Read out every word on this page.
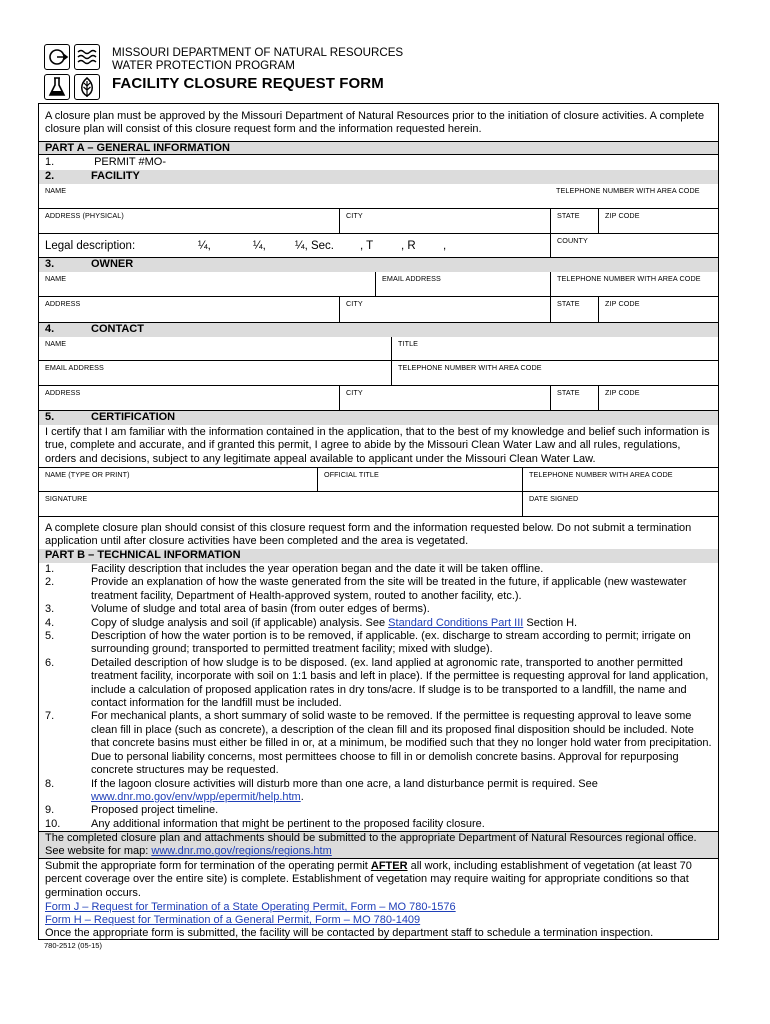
MISSOURI DEPARTMENT OF NATURAL RESOURCES
WATER PROTECTION PROGRAM
FACILITY CLOSURE REQUEST FORM
A closure plan must be approved by the Missouri Department of Natural Resources prior to the initiation of closure activities. A complete closure plan will consist of this closure request form and the information requested herein.
PART A – GENERAL INFORMATION
1.	PERMIT #MO-
2.	FACILITY
NAME	TELEPHONE NUMBER WITH AREA CODE
ADDRESS (PHYSICAL)	CITY	STATE	ZIP CODE
Legal description:	¼,	¼,	¼, Sec. , T , R ,	COUNTY
3.	OWNER
NAME	EMAIL ADDRESS	TELEPHONE NUMBER WITH AREA CODE
ADDRESS	CITY	STATE	ZIP CODE
4.	CONTACT
NAME	TITLE
EMAIL ADDRESS	TELEPHONE NUMBER WITH AREA CODE
ADDRESS	CITY	STATE	ZIP CODE
5.	CERTIFICATION
I certify that I am familiar with the information contained in the application, that to the best of my knowledge and belief such information is true, complete and accurate, and if granted this permit, I agree to abide by the Missouri Clean Water Law and all rules, regulations, orders and decisions, subject to any legitimate appeal available to applicant under the Missouri Clean Water Law.
NAME (TYPE OR PRINT)	OFFICIAL TITLE	TELEPHONE NUMBER WITH AREA CODE
SIGNATURE	DATE SIGNED
A complete closure plan should consist of this closure request form and the information requested below. Do not submit a termination application until after closure activities have been completed and the area is vegetated.
PART B – TECHNICAL INFORMATION
1.	Facility description that includes the year operation began and the date it will be taken offline.
2.	Provide an explanation of how the waste generated from the site will be treated in the future, if applicable (new wastewater treatment facility, Department of Health-approved system, routed to another facility, etc.).
3.	Volume of sludge and total area of basin (from outer edges of berms).
4.	Copy of sludge analysis and soil (if applicable) analysis. See Standard Conditions Part III Section H.
5.	Description of how the water portion is to be removed, if applicable. (ex. discharge to stream according to permit; irrigate on surrounding ground; transported to permitted treatment facility; mixed with sludge).
6.	Detailed description of how sludge is to be disposed. (ex. land applied at agronomic rate, transported to another permitted treatment facility, incorporate with soil on 1:1 basis and left in place). If the permittee is requesting approval for land application, include a calculation of proposed application rates in dry tons/acre. If sludge is to be transported to a landfill, the name and contact information for the landfill must be included.
7.	For mechanical plants, a short summary of solid waste to be removed. If the permittee is requesting approval to leave some clean fill in place (such as concrete), a description of the clean fill and its proposed final disposition should be included. Note that concrete basins must either be filled in or, at a minimum, be modified such that they no longer hold water from precipitation. Due to personal liability concerns, most permittees choose to fill in or demolish concrete basins. Approval for repurposing concrete structures may be requested.
8.	If the lagoon closure activities will disturb more than one acre, a land disturbance permit is required. See www.dnr.mo.gov/env/wpp/epermit/help.htm.
9.	Proposed project timeline.
10.	Any additional information that might be pertinent to the proposed facility closure.
The completed closure plan and attachments should be submitted to the appropriate Department of Natural Resources regional office. See website for map: www.dnr.mo.gov/regions/regions.htm
Submit the appropriate form for termination of the operating permit AFTER all work, including establishment of vegetation (at least 70 percent coverage over the entire site) is complete. Establishment of vegetation may require waiting for appropriate conditions so that germination occurs.
Form J – Request for Termination of a State Operating Permit, Form – MO 780-1576
Form H – Request for Termination of a General Permit, Form – MO 780-1409
Once the appropriate form is submitted, the facility will be contacted by department staff to schedule a termination inspection.
780-2512 (05-15)
